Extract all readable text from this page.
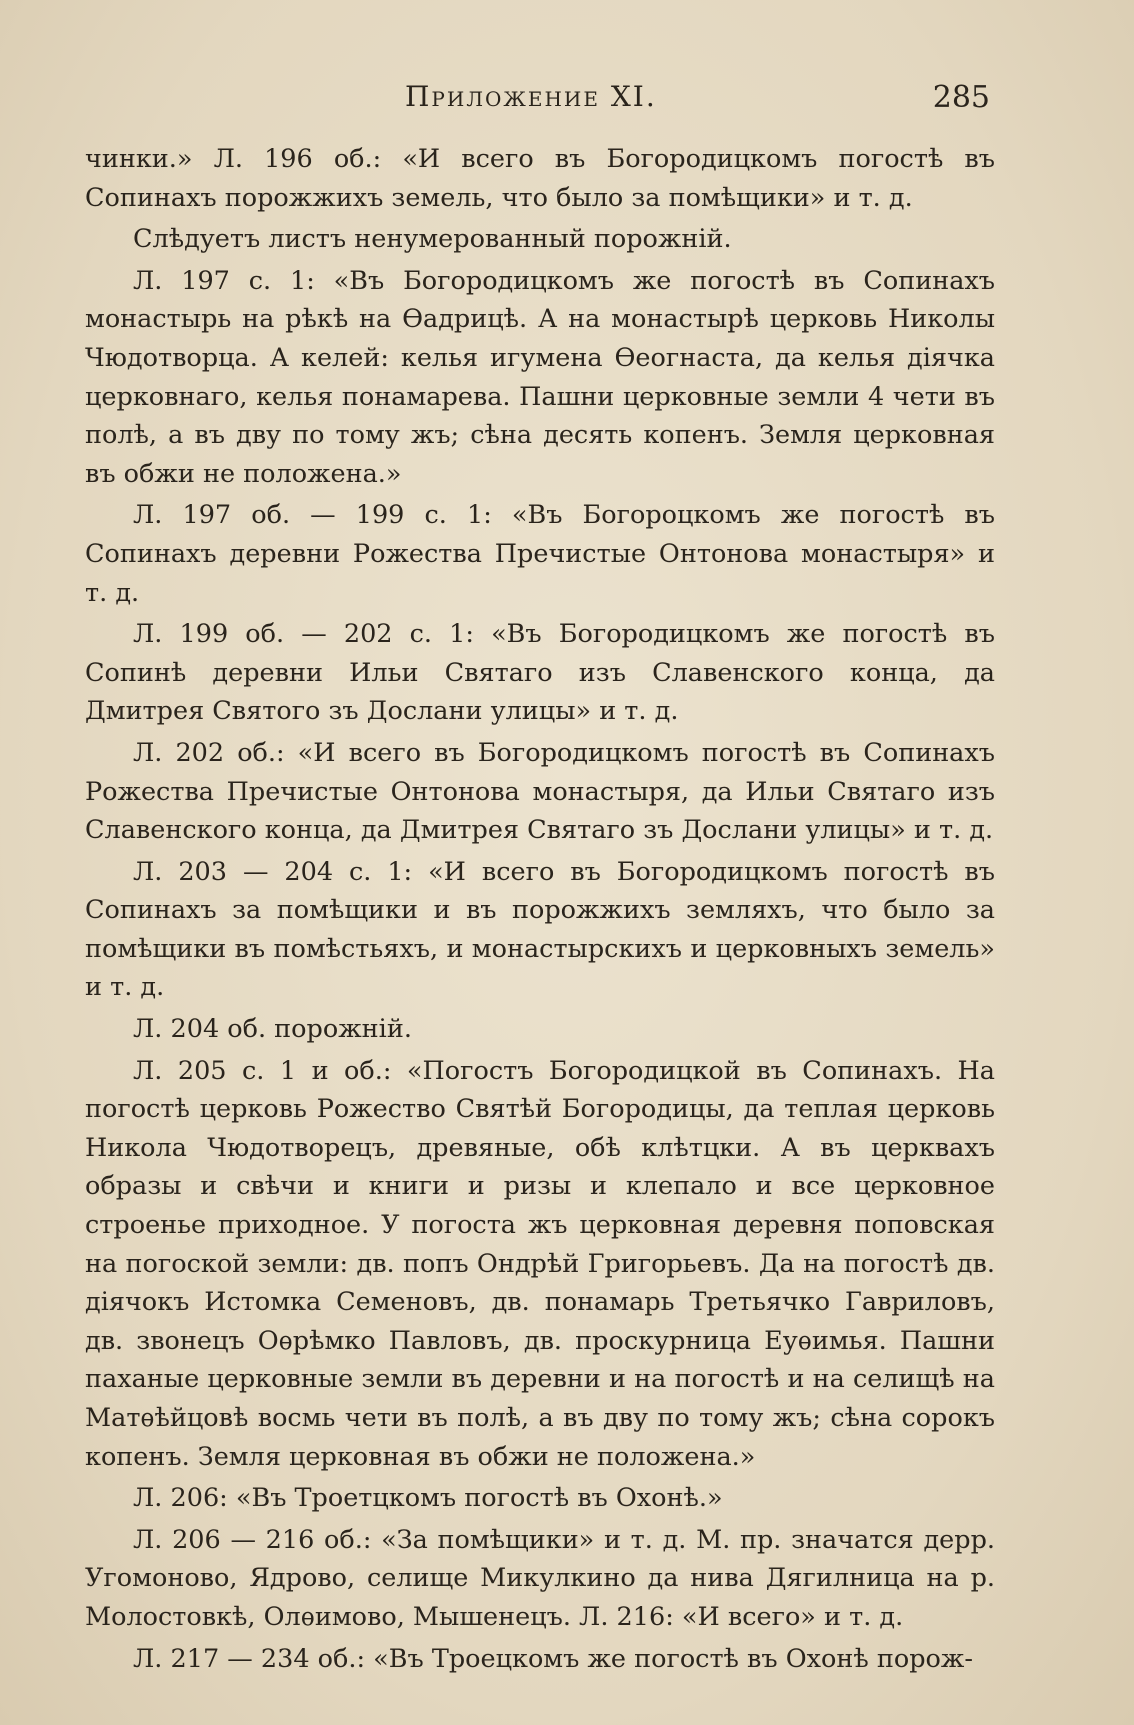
Приложение XI.	285

чинки.» Л. 196 об.: «И всего въ Богородицкомъ погостѣ въ Сопинахъ порожжихъ земель, что было за помѣщики» и т. д.

Слѣдуетъ листъ ненумерованный порожній.

Л. 197 с. 1: «Въ Богородицкомъ же погостѣ въ Сопинахъ монастырь на рѣкѣ на Ѳадрицѣ. А на монастырѣ церковь Николы Чюдотворца. А келей: келья игумена Ѳеогнаста, да келья діячка церковнаго, келья понамарева. Пашни церковные земли 4 чети въ полѣ, а въ дву по тому жъ; сѣна десять копенъ. Земля церковная въ обжи не положена.»

Л. 197 об. — 199 с. 1: «Въ Богороцкомъ же погостѣ въ Сопинахъ деревни Рожества Пречистые Онтонова монастыря» и т. д.

Л. 199 об. — 202 с. 1: «Въ Богородицкомъ же погостѣ въ Сопинѣ деревни Ильи Святаго изъ Славенского конца, да Дмитрея Святого зъ Дослани улицы» и т. д.

Л. 202 об.: «И всего въ Богородицкомъ погостѣ въ Сопинахъ Рожества Пречистые Онтонова монастыря, да Ильи Святаго изъ Славенского конца, да Дмитрея Святаго зъ Дослани улицы» и т. д.

Л. 203 — 204 с. 1: «И всего въ Богородицкомъ погостѣ въ Сопинахъ за помѣщики и въ порожжихъ земляхъ, что было за помѣщики въ помѣстьяхъ, и монастырскихъ и церковныхъ земель» и т. д.

Л. 204 об. порожній.

Л. 205 с. 1 и об.: «Погостъ Богородицкой въ Сопинахъ. На погостѣ церковь Рожество Святѣй Богородицы, да теплая церковь Никола Чюдотворецъ, древяные, обѣ клѣтцки. А въ церквахъ образы и свѣчи и книги и ризы и клепало и все церковное строенье приходное. У погоста жъ церковная деревня поповская на погоской земли: дв. попъ Ондрѣй Григорьевъ. Да на погостѣ дв. діячокъ Истомка Семеновъ, дв. понамарь Третьячко Гавриловъ, дв. звонецъ Оѳрѣмко Павловъ, дв. проскурница Еуѳимья. Пашни паханые церковные земли въ деревни и на погостѣ и на селищѣ на Матѳѣйцовѣ восмь чети въ полѣ, а въ дву по тому жъ; сѣна сорокъ копенъ. Земля церковная въ обжи не положена.»

Л. 206: «Въ Троетцкомъ погостѣ въ Охонѣ.»

Л. 206 — 216 об.: «За помѣщики» и т. д. М. пр. значатся дерр. Угомоново, Ядрово, селище Микулкино да нива Дягилница на р. Молостовкѣ, Олѳимово, Мышенецъ. Л. 216: «И всего» и т. д.

Л. 217 — 234 об.: «Въ Троецкомъ же погостѣ въ Охонѣ порож-
